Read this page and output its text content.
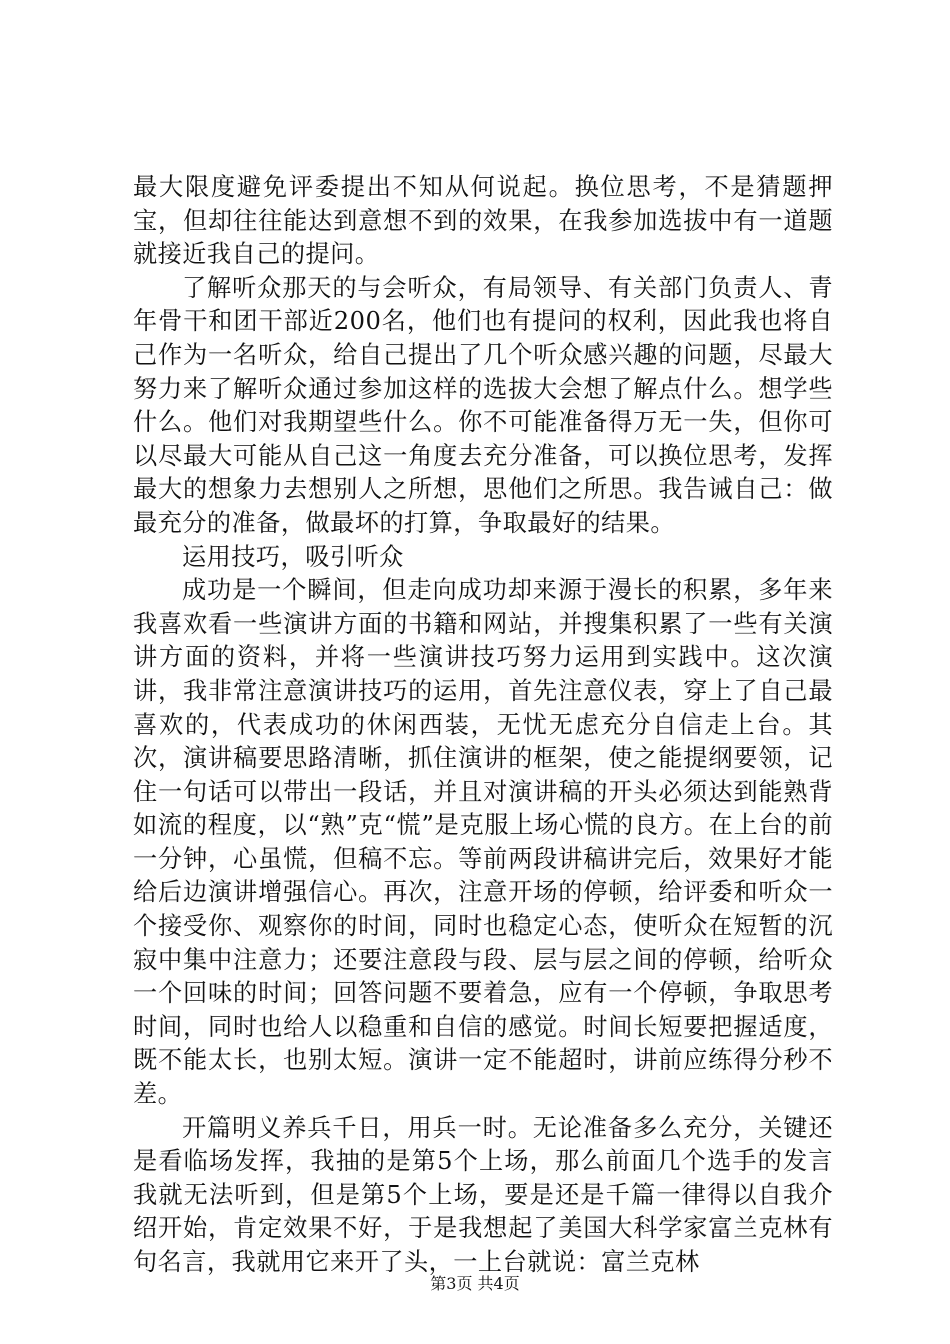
最大限度避免评委提出不知从何说起。换位思考，不是猜题押宝，但却往往能达到意想不到的效果，在我参加选拔中有一道题就接近我自己的提问。

了解听众那天的与会听众，有局领导、有关部门负责人、青年骨干和团干部近200名，他们也有提问的权利，因此我也将自己作为一名听众，给自己提出了几个听众感兴趣的问题，尽最大努力来了解听众通过参加这样的选拔大会想了解点什么。想学些什么。他们对我期望些什么。你不可能准备得万无一失，但你可以尽最大可能从自己这一角度去充分准备，可以换位思考，发挥最大的想象力去想别人之所想，思他们之所思。我告诫自己：做最充分的准备，做最坏的打算，争取最好的结果。

运用技巧，吸引听众

成功是一个瞬间，但走向成功却来源于漫长的积累，多年来我喜欢看一些演讲方面的书籍和网站，并搜集积累了一些有关演讲方面的资料，并将一些演讲技巧努力运用到实践中。这次演讲，我非常注意演讲技巧的运用，首先注意仪表，穿上了自己最喜欢的，代表成功的休闲西装，无忧无虑充分自信走上台。其次，演讲稿要思路清晰，抓住演讲的框架，使之能提纲要领，记住一句话可以带出一段话，并且对演讲稿的开头必须达到能熟背如流的程度，以“熟”克“慌”是克服上场心慌的良方。在上台的前一分钟，心虽慌，但稿不忘。等前两段讲稿讲完后，效果好才能给后边演讲增强信心。再次，注意开场的停顿，给评委和听众一个接受你、观察你的时间，同时也稳定心态，使听众在短暂的沉寂中集中注意力；还要注意段与段、层与层之间的停顿，给听众一个回味的时间；回答问题不要着急，应有一个停顿，争取思考时间，同时也给人以稳重和自信的感觉。时间长短要把握适度，既不能太长，也别太短。演讲一定不能超时，讲前应练得分秒不差。

开篇明义养兵千日，用兵一时。无论准备多么充分，关键还是看临场发挥，我抽的是第5个上场，那么前面几个选手的发言我就无法听到，但是第5个上场，要是还是千篇一律得以自我介绍开始，肯定效果不好，于是我想起了美国大科学家富兰克林有句名言，我就用它来开了头，一上台就说：富兰克林

第3页 共4页
